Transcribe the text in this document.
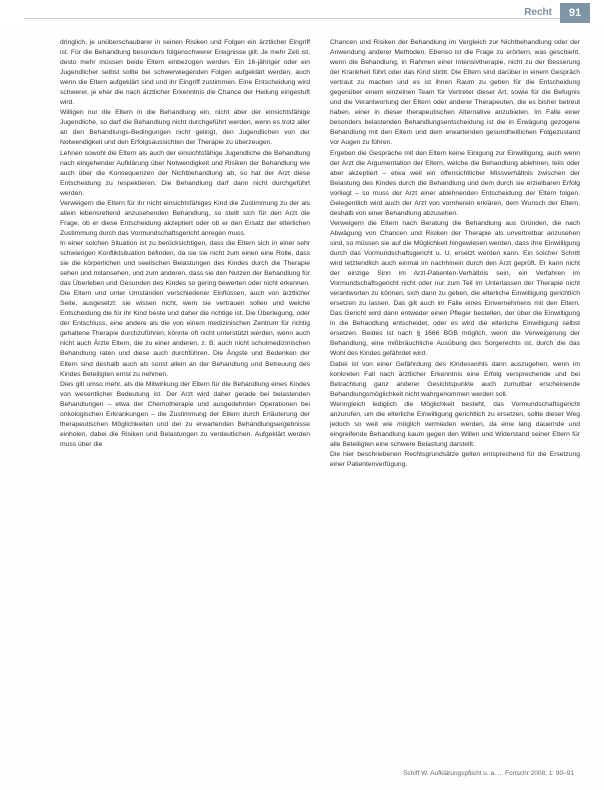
Recht 91

dringlich, je unüberschaubarer in seinen Risiken und Folgen ein ärztlicher Eingriff ist. Für die Behandlung besonders folgenschwerer Ereignisse gilt: Je mehr Zeit ist, desto mehr müssen beide Eltern einbezogen werden. Ein 16-jähriger oder ein Jugendlicher selbst sollte bei schwerwiegenden Folgen aufgeklärt werden, auch wenn die Eltern aufgeklärt sind und ihr Eingriff zustimmen. Eine Entscheidung wird schwerer, je eher die nach ärztlicher Erkenntnis die Chance der Heilung eingestuft wird.

Willigen nur die Eltern in die Behandlung ein, nicht aber der einsichtsfähige Jugendliche, so darf die Behandlung nicht durchgeführt werden, wenn es trotz aller an den Behandlungs-Bedingungen nicht gelingt, den Jugendlichen von der Notwendigkeit und den Erfolgsaussichten der Therapie zu überzeugen.

Lehnen sowohl die Eltern als auch der einsichtsfähige Jugendliche die Behandlung nach eingehender Aufklärung über Notwendigkeit und Risiken der Behandlung wie auch über die Konsequenzen der Nichtbehandlung ab, so hat der Arzt diese Entscheidung zu respektieren. Die Behandlung darf dann nicht durchgeführt werden.

Verweigern die Eltern für ihr nicht einsichtsfähiges Kind die Zustimmung zu der als allein lebensrettend anzusehenden Behandlung, so stellt sich für den Arzt die Frage, ob er diese Entscheidung akzeptiert oder ob er den Ersatz der elterlichen Zustimmung durch das Vormundschaftsgericht anregen muss.

In einer solchen Situation ist zu berücksichtigen, dass die Eltern sich in einer sehr schwierigen Konfliktsituation befinden, da sie sie nicht zum einen eine Rolle, dass sie die körperlichen und seelischen Belastungen des Kindes durch die Therapie sehen und mitansehen, und zum anderen, dass sie den Nutzen der Behandlung für das Überleben und Gesunden des Kindes so gering bewerten oder nicht erkennen. Die Eltern und unter Umständen verschiedener Einflüssen, auch von ärztlicher Seite, ausgesetzt: sie wissen nicht, wem sie vertrauen sollen und welche Entscheidung die für ihr Kind beste und daher die richtige ist. Die Überlegung, oder der Entschluss, eine andere als die von einem medizinischen Zentrum für richtig gehaltene Therapie durchzuführen, könnte oft nicht unterstützt werden, wenn auch nicht auch Ärzte Eltern, die zu einer anderen, z. B. auch nicht schulmedizinischen Behandlung raten und diese auch durchführen. Die Ängste und Bedenken der Eltern sind deshalb auch als sonst allein an der Behandlung und Betreuung des Kindes Beteiligten ernst zu nehmen.

Dies gilt umso mehr, als die Mitwirkung der Eltern für die Behandlung eines Kindes von wesentlicher Bedeutung ist. Der Arzt wird daher gerade bei belastenden Behandlungen – etwa der Chemotherapie und ausgedehnten Operationen bei onkologischen Erkrankungen – die Zustimmung der Eltern durch Erläuterung der therapeutischen Möglichkeiten und der zu erwartenden Behandlungsergebnisse einholen, dabei die Risiken und Belastungen zu verdeutlichen. Aufgeklärt werden muss über die

Chancen und Risiken der Behandlung im Vergleich zur Nichtbehandlung oder der Anwendung anderer Methoden. Ebenso ist die Frage zu erörtern, was geschieht, wenn die Behandlung, in Rahmen einer Intensivtherapie, nicht zu der Besserung der Krankheit führt oder das Kind stirbt. Die Eltern sind darüber in einem Gespräch vertraut zu machen und es ist ihnen Raum zu geben für die Entscheidung gegenüber einem einzelnen Team für Vertreter dieser Art, sowie für die Befugnis und die Verantwortung der Eltern oder anderer Therapeuten, die es bisher betreut haben, einer in dieser therapeutischen Alternative anzubieten. Im Falle einer besonders belastenden Behandlungsentscheidung ist die in Erwägung gezogene Behandlung mit den Eltern und dem erwartenden gesundheitlichen Folgezustand vor Augen zu führen.

Ergeben die Gespräche mit den Eltern keine Einigung zur Einwilligung, auch wenn der Arzt die Argumentation der Eltern, welche die Behandlung ablehnen, teils oder aber akzeptiert – etwa weil ein offensichtlicher Missverhältnis zwischen der Belastung des Kindes durch die Behandlung und dem durch sie erzielbaren Erfolg vorliegt – so muss der Arzt einer ablehnenden Entscheidung der Eltern folgen. Gelegentlich wird auch der Arzt von vornherein erklären, dem Wunsch der Eltern, deshalb von einer Behandlung abzusehen.

Verweigern die Eltern nach Beratung die Behandlung aus Gründen, die nach Abwägung von Chancen und Risiken der Therapie als unvertretbar anzusehen sind, so müssen sie auf die Möglichkeit hingewiesen werden, dass ihre Einwilligung durch das Vormundschaftsgericht u. U. ersetzt werden kann. Ein solcher Schritt wird letztendlich auch einmal im nachhinein durch den Arzt geprüft. Er kann nicht der einzige Sinn im Arzt-Patienten-Verhältnis sein, ein Verfahren im Vormundschaftsgericht nicht oder nur zum Teil im Unterlassen der Therapie nicht verantworten zu können, sich dann zu geben, die elterliche Einwilligung gerichtlich ersetzen zu lassen. Das gilt auch im Falle eines Einvernehmens mit den Eltern. Das Gericht wird dann entweder einen Pfleger bestellen, der über die Einwilligung in die Behandlung entscheidet, oder es wird die elterliche Einwilligung selbst ersetzen. Beides ist nach § 1666 BGB möglich, wenn die Verweigerung der Behandlung, eine mißbräuchliche Ausübung des Sorgerechts ist, durch die das Wohl des Kindes gefährdet wird.

Dabei ist von einer Gefährdung des Kindeswohls dann auszugehen, wenn im konkreten Fall nach ärztlicher Erkenntnis eine Erfolg versprechende und bei Betrachtung ganz anderer Gesichtspunkte auch zumutbar erscheinende Behandlungsmöglichkeit nicht wahrgenommen werden soll.

Wenngleich lediglich die Möglichkeit besteht, das Vormundschaftsgericht anzurufen, um die elterliche Einwilligung gerichtlich zu ersetzen, sollte dieser Weg jedoch so weit wie möglich vermieden werden, da eine lang dauernde und eingreifende Behandlung kaum gegen den Willen und Widerstand seiner Eltern für alle Beteiligten eine schwere Belastung darstellt.

Die hier beschriebenen Rechtsgrundsätze gelten entsprechend für die Ersetzung einer Patientenverfügung.

Schiff W. Aufklärungspflicht u. a. ... Fortschr 2008; 1: 90–91
